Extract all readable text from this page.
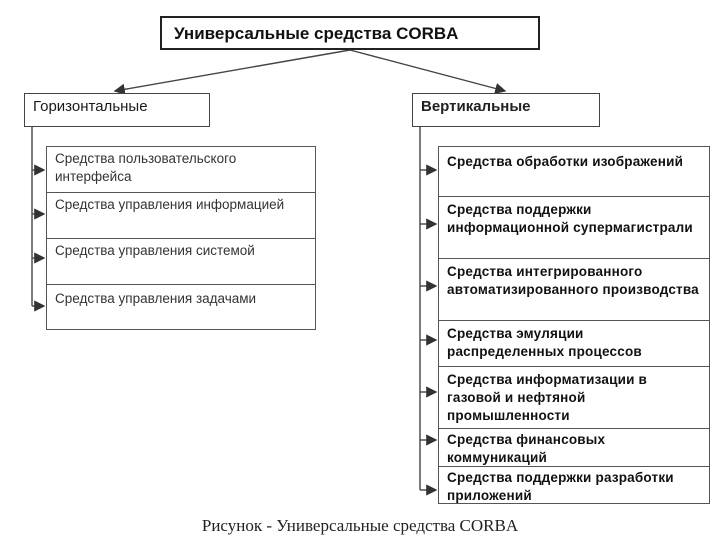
Универсальные средства CORBA
Горизонтальные	Вертикальные
Средства пользовательского интерфейса
Средства управления информацией
Средства управления системой
Средства управления задачами
Средства обработки изображений
Средства поддержки информационной супермагистрали
Средства интегрированного автоматизированного производства
Средства эмуляции распределенных процессов
Средства информатизации в газовой и нефтяной промышленности
Средства финансовых коммуникаций
Средства поддержки разработки приложений
Рисунок - Универсальные средства CORBA
